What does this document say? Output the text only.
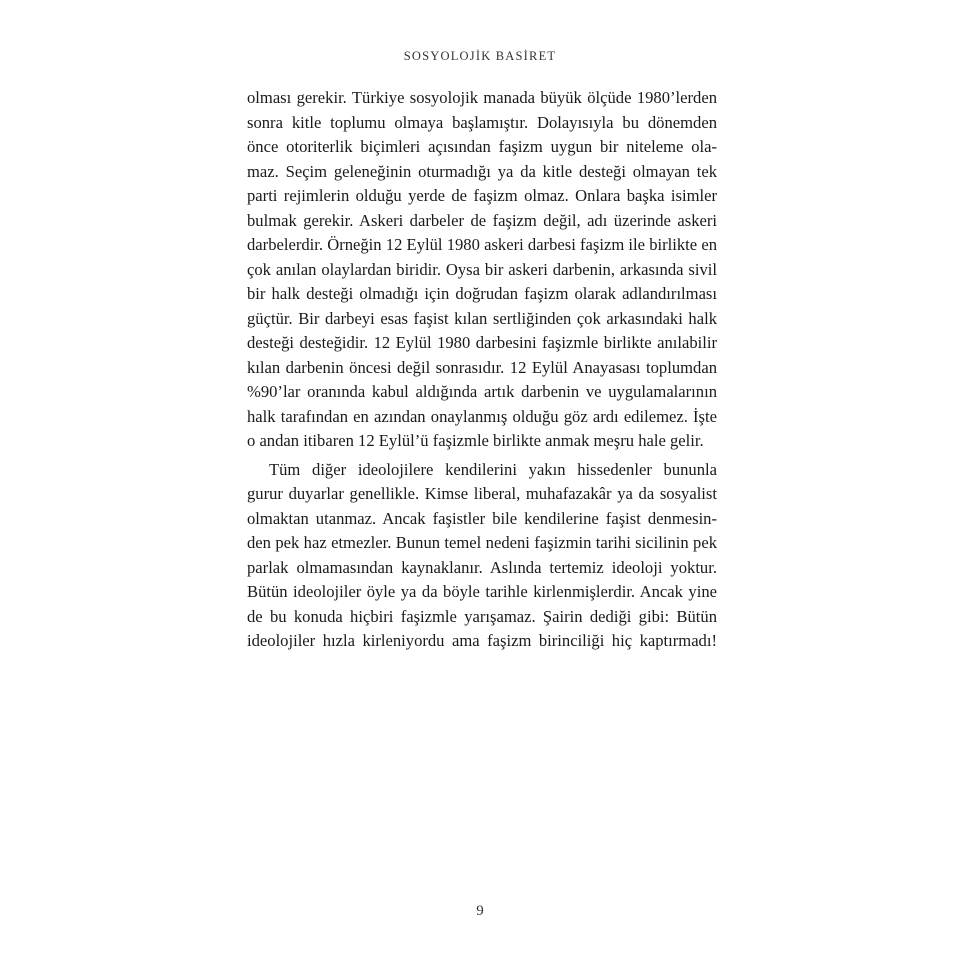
SOSYOLOJİK BASİRET
olması gerekir. Türkiye sosyolojik manada büyük ölçüde 1980’lerden
sonra kitle toplumu olmaya başlamıştır. Dolayısıyla bu dönemden
önce otoriterlik biçimleri açısından faşizm uygun bir niteleme ola-
maz. Seçim geleneğinin oturmadığı ya da kitle desteği olmayan tek
parti rejimlerin olduğu yerde de faşizm olmaz. Onlara başka isimler
bulmak gerekir. Askeri darbeler de faşizm değil, adı üzerinde askeri
darbelerdir. Örneğin 12 Eylül 1980 askeri darbesi faşizm ile birlikte en
çok anılan olaylardan biridir. Oysa bir askeri darbenin, arkasında sivil
bir halk desteği olmadığı için doğrudan faşizm olarak adlandırılması
güçtür. Bir darbeyi esas faşist kılan sertliğinden çok arkasındaki halk
desteği desteğidir. 12 Eylül 1980 darbesini faşizmle birlikte anılabilir
kılan darbenin öncesi değil sonrasıdır. 12 Eylül Anayasası toplumdan
%90’lar oranında kabul aldığında artık darbenin ve uygulamalarının
halk tarafından en azından onaylanmış olduğu göz ardı edilemez. İşte
o andan itibaren 12 Eylül’ü faşizmle birlikte anmak meşru hale gelir.
Tüm diğer ideolojilere kendilerini yakın hissedenler bununla
gurur duyarlar genellikle. Kimse liberal, muhafazakâr ya da sosyalist
olmaktan utanmaz. Ancak faşistler bile kendilerine faşist denmesin-
den pek haz etmezler. Bunun temel nedeni faşizmin tarihi sicilinin pek
parlak olmamasından kaynaklanır. Aslında tertemiz ideoloji yoktur.
Bütün ideolojiler öyle ya da böyle tarihle kirlenmişlerdir. Ancak yine
de bu konuda hiçbiri faşizmle yarışamaz. Şairin dediği gibi: Bütün
ideolojiler hızla kirleniyordu ama faşizm birinciliği hiç kaptırmadı!
9
